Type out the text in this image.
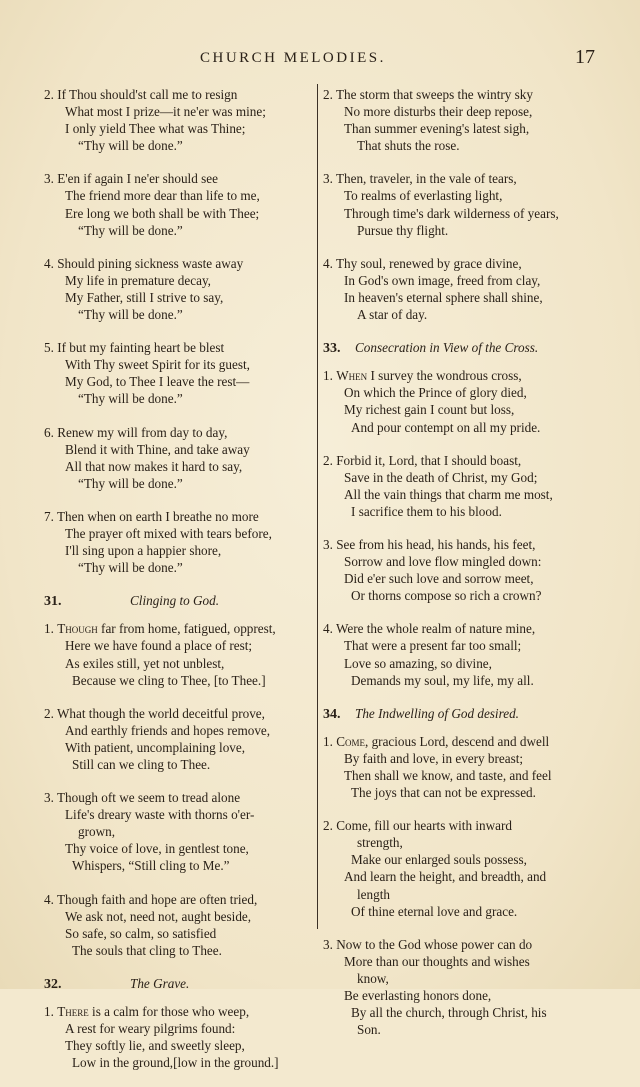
CHURCH MELODIES.	17
2. If Thou should'st call me to resign
What most I prize—it ne'er was mine;
I only yield Thee what was Thine;
“Thy will be done.”
3. E'en if again I ne'er should see
The friend more dear than life to me,
Ere long we both shall be with Thee;
“Thy will be done.”
4. Should pining sickness waste away
My life in premature decay,
My Father, still I strive to say,
“Thy will be done.”
5. If but my fainting heart be blest
With Thy sweet Spirit for its guest,
My God, to Thee I leave the rest—
“Thy will be done.”
6. Renew my will from day to day,
Blend it with Thine, and take away
All that now makes it hard to say,
“Thy will be done.”
7. Then when on earth I breathe no more
The prayer oft mixed with tears before,
I'll sing upon a happier shore,
“Thy will be done.”
31.	Clinging to God.
1. Though far from home, fatigued, opprest,
Here we have found a place of rest;
As exiles still, yet not unblest,
Because we cling to Thee, [to Thee.]
2. What though the world deceitful prove,
And earthly friends and hopes remove,
With patient, uncomplaining love,
Still can we cling to Thee.
3. Though oft we seem to tread alone
Life's dreary waste with thorns o'er-
grown,
Thy voice of love, in gentlest tone,
Whispers, “Still cling to Me.”
4. Though faith and hope are often tried,
We ask not, need not, aught beside,
So safe, so calm, so satisfied
The souls that cling to Thee.
32.	The Grave.
1. There is a calm for those who weep,
A rest for weary pilgrims found:
They softly lie, and sweetly sleep,
Low in the ground,[low in the ground.]
2. The storm that sweeps the wintry sky
No more disturbs their deep repose,
Than summer evening's latest sigh,
That shuts the rose.
3. Then, traveler, in the vale of tears,
To realms of everlasting light,
Through time's dark wilderness of years,
Pursue thy flight.
4. Thy soul, renewed by grace divine,
In God's own image, freed from clay,
In heaven's eternal sphere shall shine,
A star of day.
33.	Consecration in View of the Cross.
1. When I survey the wondrous cross,
On which the Prince of glory died,
My richest gain I count but loss,
And pour contempt on all my pride.
2. Forbid it, Lord, that I should boast,
Save in the death of Christ, my God;
All the vain things that charm me most,
I sacrifice them to his blood.
3. See from his head, his hands, his feet,
Sorrow and love flow mingled down:
Did e'er such love and sorrow meet,
Or thorns compose so rich a crown?
4. Were the whole realm of nature mine,
That were a present far too small;
Love so amazing, so divine,
Demands my soul, my life, my all.
34.	The Indwelling of God desired.
1. Come, gracious Lord, descend and dwell
By faith and love, in every breast;
Then shall we know, and taste, and feel
The joys that can not be expressed.
2. Come, fill our hearts with inward
strength,
Make our enlarged souls possess,
And learn the height, and breadth, and
length
Of thine eternal love and grace.
3. Now to the God whose power can do
More than our thoughts and wishes
know,
Be everlasting honors done,
By all the church, through Christ, his
Son.
